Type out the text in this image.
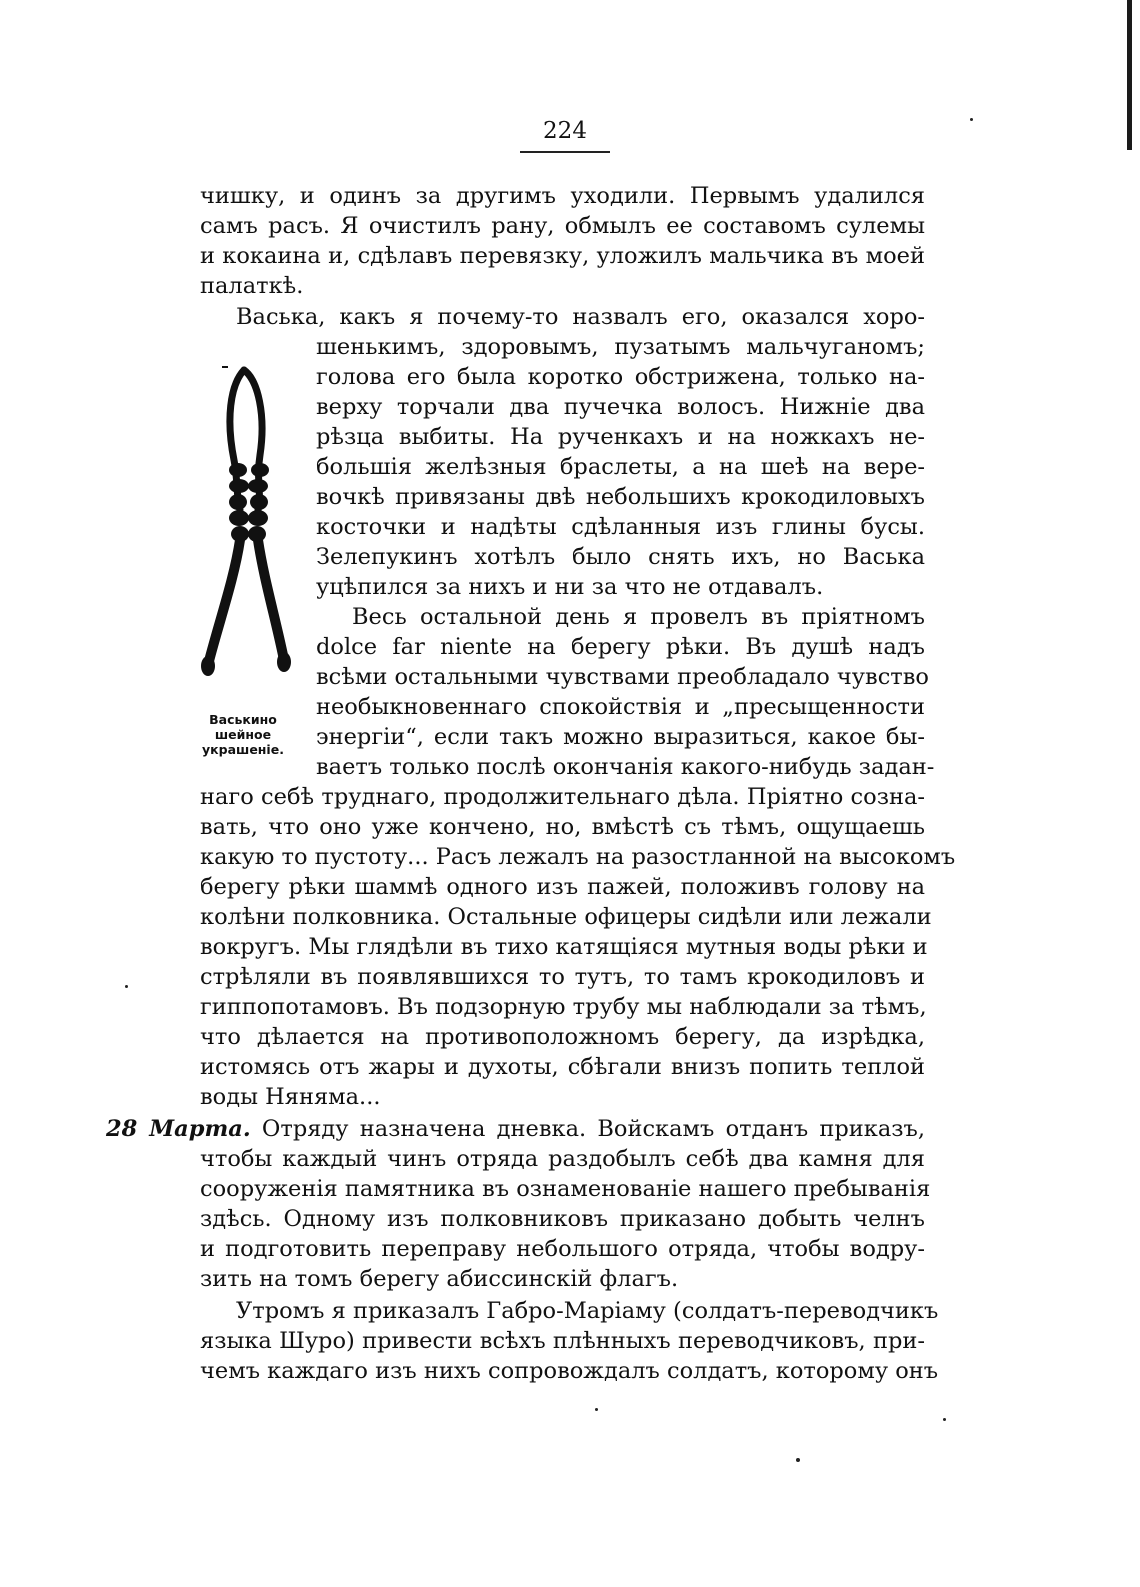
224
чишку, и одинъ за другимъ уходили. Первымъ удалился
самъ расъ. Я очистилъ рану, обмылъ ее составомъ сулемы
и кокаина и, сдѣлавъ перевязку, уложилъ мальчика въ моей
палаткѣ.
Васька, какъ я почему-то назвалъ его, оказался хоро-
шенькимъ, здоровымъ, пузатымъ мальчуганомъ;
голова его была коротко обстрижена, только на-
верху торчали два пучечка волосъ. Нижніе два
рѣзца выбиты. На рученкахъ и на ножкахъ не-
большія желѣзныя браслеты, а на шеѣ на вере-
вочкѣ привязаны двѣ небольшихъ крокодиловыхъ
косточки и надѣты сдѣланныя изъ глины бусы.
Зелепукинъ хотѣлъ было снять ихъ, но Васька
уцѣпился за нихъ и ни за что не отдавалъ.
Весь остальной день я провелъ въ пріятномъ
dolce far niente на берегу рѣки. Въ душѣ надъ
всѣми остальными чувствами преобладало чувство
необыкновеннаго спокойствія и „пресыщенности
энергіи“, если такъ можно выразиться, какое бы-
ваетъ только послѣ окончанія какого-нибудь задан-
наго себѣ труднаго, продолжительнаго дѣла. Пріятно созна-
вать, что оно уже кончено, но, вмѣстѣ съ тѣмъ, ощущаешь
какую то пустоту... Расъ лежалъ на разостланной на высокомъ
берегу рѣки шаммѣ одного изъ пажей, положивъ голову на
колѣни полковника. Остальные офицеры сидѣли или лежали
вокругъ. Мы глядѣли въ тихо катящіяся мутныя воды рѣки и
стрѣляли въ появлявшихся то тутъ, то тамъ крокодиловъ и
гиппопотамовъ. Въ подзорную трубу мы наблюдали за тѣмъ,
что дѣлается на противоположномъ берегу, да изрѣдка,
истомясь отъ жары и духоты, сбѣгали внизъ попить теплой
воды Няняма...
28 Марта. Отряду назначена дневка. Войскамъ отданъ приказъ,
чтобы каждый чинъ отряда раздобылъ себѣ два камня для
сооруженія памятника въ ознаменованіе нашего пребыванія
здѣсь. Одному изъ полковниковъ приказано добыть челнъ
и подготовить переправу небольшого отряда, чтобы водру-
зить на томъ берегу абиссинскій флагъ.
Утромъ я приказалъ Габро-Маріаму (солдатъ-переводчикъ
языка Шуро) привести всѣхъ плѣнныхъ переводчиковъ, при-
чемъ каждаго изъ нихъ сопровождалъ солдатъ, которому онъ
Васькино
шейное
украшеніе.
